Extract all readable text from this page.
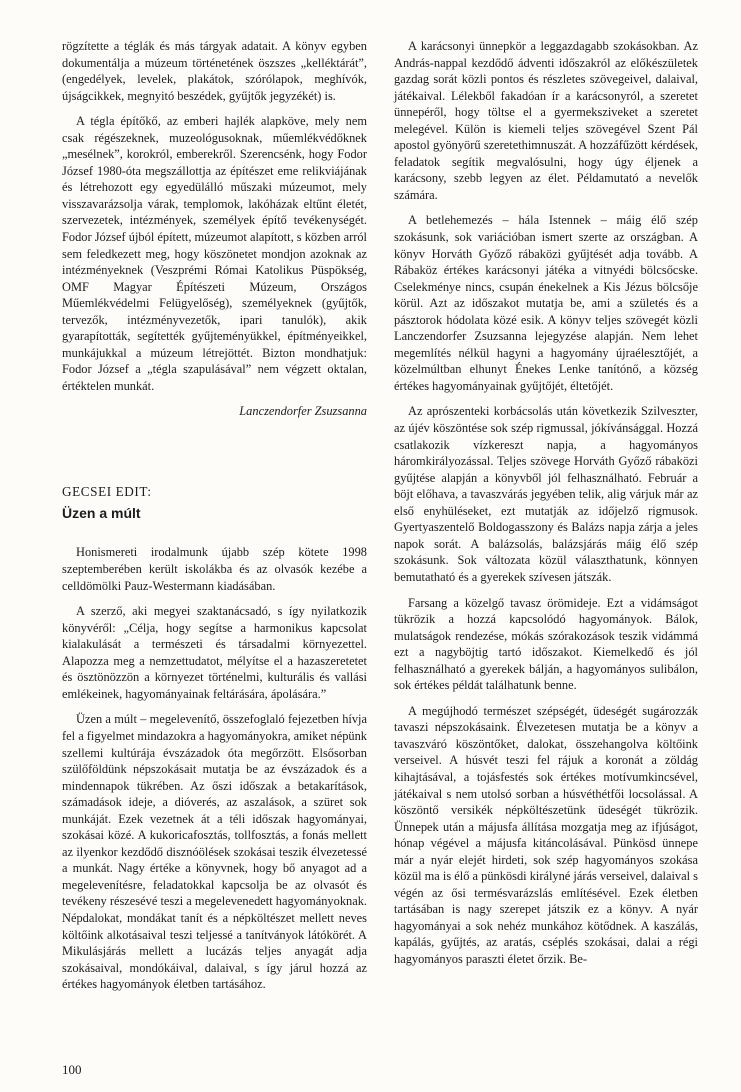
rögzítette a téglák és más tárgyak adatait. A könyv egyben dokumentálja a múzeum történetének öszszes „kelléktárát”, (engedélyek, levelek, plakátok, szórólapok, meghívók, újságcikkek, megnyitó beszédek, gyűjtők jegyzékét) is.

A tégla építőkő, az emberi hajlék alapköve, mely nem csak régészeknek, muzeológusoknak, műemlékvédőknek „mesélnek”, korokról, emberekről. Szerencsénk, hogy Fodor József 1980-óta megszállottja az építészet eme relikviájának és létrehozott egy egyedülálló műszaki múzeumot, mely visszavarázsolja várak, templomok, lakóházak eltűnt életét, szervezetek, intézmények, személyek építő tevékenységét. Fodor József újból épített, múzeumot alapított, s közben arról sem feledkezett meg, hogy köszönetet mondjon azoknak az intézményeknek (Veszprémi Római Katolikus Püspökség, OMF Magyar Építészeti Múzeum, Országos Műemlékvédelmi Felügyelőség), személyeknek (gyűjtők, tervezők, intézményvezetők, ipari tanulók), akik gyarapították, segítették gyűjteményükkel, építményeikkel, munkájukkal a múzeum létrejöttét. Bizton mondhatjuk: Fodor József a „tégla szapulásával” nem végzett oktalan, értéktelen munkát.

Lanczendorfer Zsuzsanna
GECSEI EDIT:
Üzen a múlt

Honismereti irodalmunk újabb szép kötete 1998 szeptemberében került iskolákba és az olvasók kezébe a celldömölki Pauz-Westermann kiadásában.

A szerző, aki megyei szaktanácsadó, s így nyilatkozik könyvéről: „Célja, hogy segítse a harmonikus kapcsolat kialakulását a természeti és társadalmi környezettel. Alapozza meg a nemzettudatot, mélyítse el a hazaszeretetet és ösztönözzön a környezet történelmi, kulturális és vallási emlékeinek, hagyományainak feltárására, ápolására.”

Üzen a múlt – megelevenítő, összefoglaló fejezetben hívja fel a figyelmet mindazokra a hagyományokra, amiket népünk szellemi kultúrája évszázadok óta megőrzött. Elsősorban szülőföldünk népszokásait mutatja be az évszázadok és a mindennapok tükrében. Az őszi időszak a betakarítások, számadások ideje, a dióverés, az aszalások, a szüret sok munkáját. Ezek vezetnek át a téli időszak hagyományai, szokásai közé. A kukoricafosztás, tollfosztás, a fonás mellett az ilyenkor kezdődő disznóölések szokásai teszik élvezetessé a munkát. Nagy értéke a könyvnek, hogy bő anyagot ad a megelevenítésre, feladatokkal kapcsolja be az olvasót és tevékeny részesévé teszi a megelevenedett hagyományoknak. Népdalokat, mondákat tanít és a népköltészet mellett neves költőink alkotásaival teszi teljessé a tanítványok látókörét. A Mikulásjárás mellett a lucázás teljes anyagát adja szokásaival, mondókáival, dalaival, s így járul hozzá az értékes hagyományok életben tartásához.

A karácsonyi ünnepkör a leggazdagabb szokásokban. Az András-nappal kezdődő ádventi időszakról az előkészületek gazdag sorát közli pontos és részletes szövegeivel, dalaival, játékaival. Lélekből fakadóan ír a karácsonyról, a szeretet ünnepéről, hogy töltse el a gyermeksziveket a szeretet melegével. Külön is kiemeli teljes szövegével Szent Pál apostol gyönyörű szeretethimnuszát. A hozzáfűzött kérdések, feladatok segítik megvalósulni, hogy úgy éljenek a karácsony, szebb legyen az élet. Példamutató a nevelők számára.

A betlehemezés – hála Istennek – máig élő szép szokásunk, sok variációban ismert szerte az országban. A könyv Horváth Győző rábaközi gyűjtését adja tovább. A Rábaköz értékes karácsonyi játéka a vitnyédi bölcsőcske. Cselekménye nincs, csupán énekelnek a Kis Jézus bölcsője körül. Azt az időszakot mutatja be, ami a születés és a pásztorok hódolata közé esik. A könyv teljes szövegét közli Lanczendorfer Zsuzsanna lejegyzése alapján. Nem lehet megemlítés nélkül hagyni a hagyomány újraélesztőjét, a közelmúltban elhunyt Énekes Lenke tanítónő, a község értékes hagyományainak gyűjtőjét, éltetőjét.

Az aprószenteki korbácsolás után következik Szilveszter, az újév köszöntése sok szép rigmussal, jókívánsággal. Hozzá csatlakozik vízkereszt napja, a hagyományos háromkirályozással. Teljes szövege Horváth Győző rábaközi gyűjtése alapján a könyvből jól felhasználható. Február a böjt előhava, a tavaszvárás jegyében telik, alig várjuk már az első enyhüléseket, ezt mutatják az időjelző rigmusok. Gyertyaszentelő Boldogasszony és Balázs napja zárja a jeles napok sorát. A balázsolás, balázsjárás máig élő szép szokásunk. Sok változata közül választhatunk, könnyen bemutatható és a gyerekek szívesen játszák.

Farsang a közelgő tavasz örömideje. Ezt a vidámságot tükrözik a hozzá kapcsolódó hagyományok. Bálok, mulatságok rendezése, mókás szórakozások teszik vidámmá ezt a nagyböjtig tartó időszakot. Kiemelkedő és jól felhasználható a gyerekek bálján, a hagyományos sulibálon, sok értékes példát találhatunk benne.

A megújhodó természet szépségét, üdeségét sugározzák tavaszi népszokásaink. Élvezetesen mutatja be a könyv a tavaszváró köszöntőket, dalokat, összehangolva költőink verseivel. A húsvét teszi fel rájuk a koronát a zöldág kihajtásával, a tojásfestés sok értékes motívumkincsével, játékaival s nem utolsó sorban a húsvéthétfői locsolással. A köszöntő versikék népköltészetünk üdeségét tükrözik. Ünnepek után a májusfa állítása mozgatja meg az ifjúságot, hónap végével a májusfa kitáncolásával. Pünkösd ünnepe már a nyár elejét hirdeti, sok szép hagyományos szokása közül ma is élő a pünkösdi királyné járás verseivel, dalaival s végén az ősi termésvarázslás említésével. Ezek életben tartásában is nagy szerepet játszik ez a könyv. A nyár hagyományai a sok nehéz munkához kötődnek. A kaszálás, kapálás, gyűjtés, az aratás, cséplés szokásai, dalai a régi hagyományos paraszti életet őrzik. Be-

100
